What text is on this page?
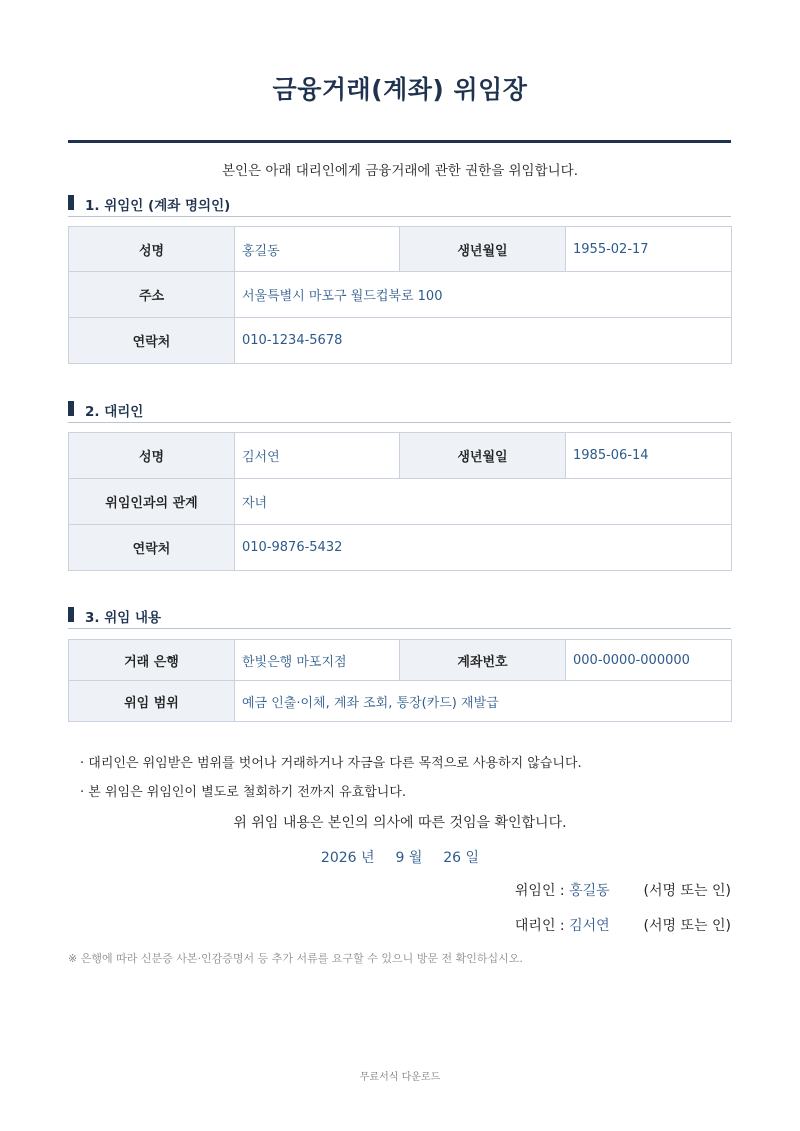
금융거래(계좌) 위임장
본인은 아래 대리인에게 금융거래에 관한 권한을 위임합니다.
1. 위임인 (계좌 명의인)
성명	홍길동	생년월일	1955-02-17
주소	서울특별시 마포구 월드컵북로 100		
연락처	010-1234-5678		
2. 대리인
성명	김서연	생년월일	1985-06-14
위임인과의 관계	자녀		
연락처	010-9876-5432		
3. 위임 내용
거래 은행	한빛은행 마포지점	계좌번호	000-0000-000000
위임 범위	예금 인출·이체, 계좌 조회, 통장(카드) 재발급		
· 대리인은 위임받은 범위를 벗어나 거래하거나 자금을 다른 목적으로 사용하지 않습니다.
· 본 위임은 위임인이 별도로 철회하기 전까지 유효합니다.
위 위임 내용은 본인의 의사에 따른 것임을 확인합니다.
2026 년 9 월 26 일
위임인 : 홍길동 (서명 또는 인)
대리인 : 김서연 (서명 또는 인)
※ 은행에 따라 신분증 사본·인감증명서 등 추가 서류를 요구할 수 있으니 방문 전 확인하십시오.
무료서식 다운로드
